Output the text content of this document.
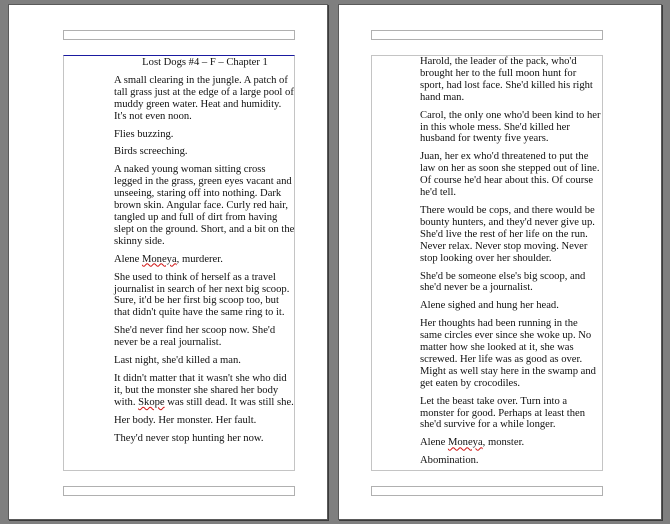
Lost Dogs #4 – F – Chapter 1

A small clearing in the jungle. A patch of tall grass just at the edge of a large pool of muddy green water. Heat and humidity. It's not even noon.

Flies buzzing.

Birds screeching.

A naked young woman sitting cross legged in the grass, green eyes vacant and unseeing, staring off into nothing. Dark brown skin. Angular face. Curly red hair, tangled up and full of dirt from having slept on the ground. Short, and a bit on the skinny side.

Alene Moneya, murderer.

She used to think of herself as a travel journalist in search of her next big scoop. Sure, it'd be her first big scoop too, but that didn't quite have the same ring to it.

She'd never find her scoop now. She'd never be a real journalist.

Last night, she'd killed a man.

It didn't matter that it wasn't she who did it, but the monster she shared her body with. Skope was still dead. It was still she.

Her body. Her monster. Her fault.

They'd never stop hunting her now.

Harold, the leader of the pack, who'd brought her to the full moon hunt for sport, had lost face. She'd killed his right hand man.

Carol, the only one who'd been kind to her in this whole mess. She'd killed her husband for twenty five years.

Juan, her ex who'd threatened to put the law on her as soon she stepped out of line. Of course he'd hear about this. Of course he'd tell.

There would be cops, and there would be bounty hunters, and they'd never give up. She'd live the rest of her life on the run. Never relax. Never stop moving. Never stop looking over her shoulder.

She'd be someone else's big scoop, and she'd never be a journalist.

Alene sighed and hung her head.

Her thoughts had been running in the same circles ever since she woke up. No matter how she looked at it, she was screwed. Her life was as good as over. Might as well stay here in the swamp and get eaten by crocodiles.

Let the beast take over. Turn into a monster for good. Perhaps at least then she'd survive for a while longer.

Alene Moneya, monster.

Abomination.
